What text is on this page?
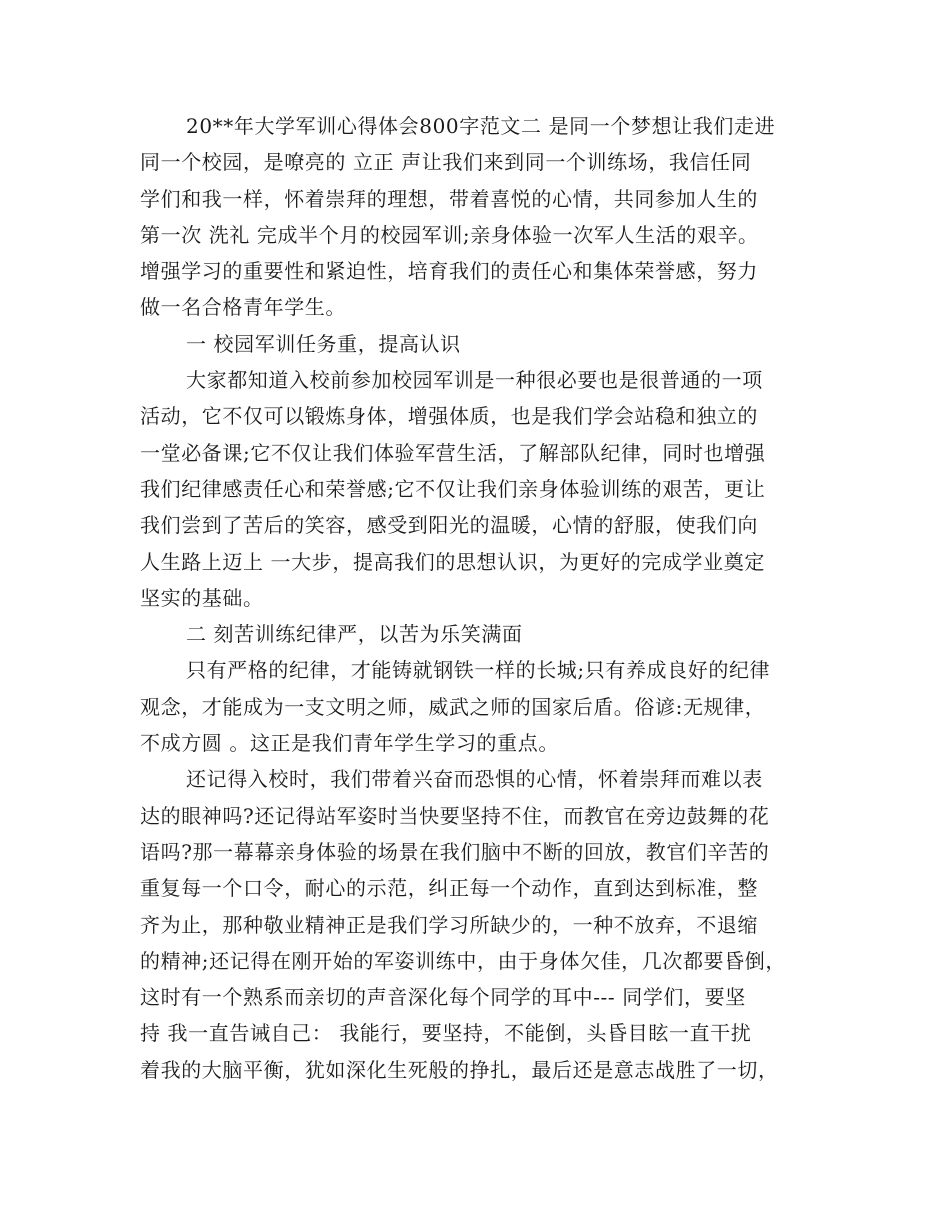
20**年大学军训心得体会800字范文二 是同一个梦想让我们走进
同一个校园，是嘹亮的 立正 声让我们来到同一个训练场，我信任同
学们和我一样，怀着崇拜的理想，带着喜悦的心情，共同参加人生的
第一次 洗礼 完成半个月的校园军训;亲身体验一次军人生活的艰辛。
增强学习的重要性和紧迫性，培育我们的责任心和集体荣誉感，努力
做一名合格青年学生。
一 校园军训任务重，提高认识
大家都知道入校前参加校园军训是一种很必要也是很普通的一项
活动，它不仅可以锻炼身体，增强体质，也是我们学会站稳和独立的
一堂必备课;它不仅让我们体验军营生活，了解部队纪律，同时也增强
我们纪律感责任心和荣誉感;它不仅让我们亲身体验训练的艰苦，更让
我们尝到了苦后的笑容，感受到阳光的温暖，心情的舒服，使我们向
人生路上迈上 一大步，提高我们的思想认识，为更好的完成学业奠定
坚实的基础。
二 刻苦训练纪律严，以苦为乐笑满面
只有严格的纪律，才能铸就钢铁一样的长城;只有养成良好的纪律
观念，才能成为一支文明之师，威武之师的国家后盾。俗谚:无规律，
不成方圆 。这正是我们青年学生学习的重点。
还记得入校时，我们带着兴奋而恐惧的心情，怀着崇拜而难以表
达的眼神吗?还记得站军姿时当快要坚持不住，而教官在旁边鼓舞的花
语吗?那一幕幕亲身体验的场景在我们脑中不断的回放，教官们辛苦的
重复每一个口令，耐心的示范，纠正每一个动作，直到达到标准，整
齐为止，那种敬业精神正是我们学习所缺少的，一种不放弃，不退缩
的精神;还记得在刚开始的军姿训练中，由于身体欠佳，几次都要昏倒，
这时有一个熟系而亲切的声音深化每个同学的耳中--- 同学们，要坚
持 我一直告诫自己： 我能行，要坚持，不能倒，头昏目眩一直干扰
着我的大脑平衡，犹如深化生死般的挣扎，最后还是意志战胜了一切，
